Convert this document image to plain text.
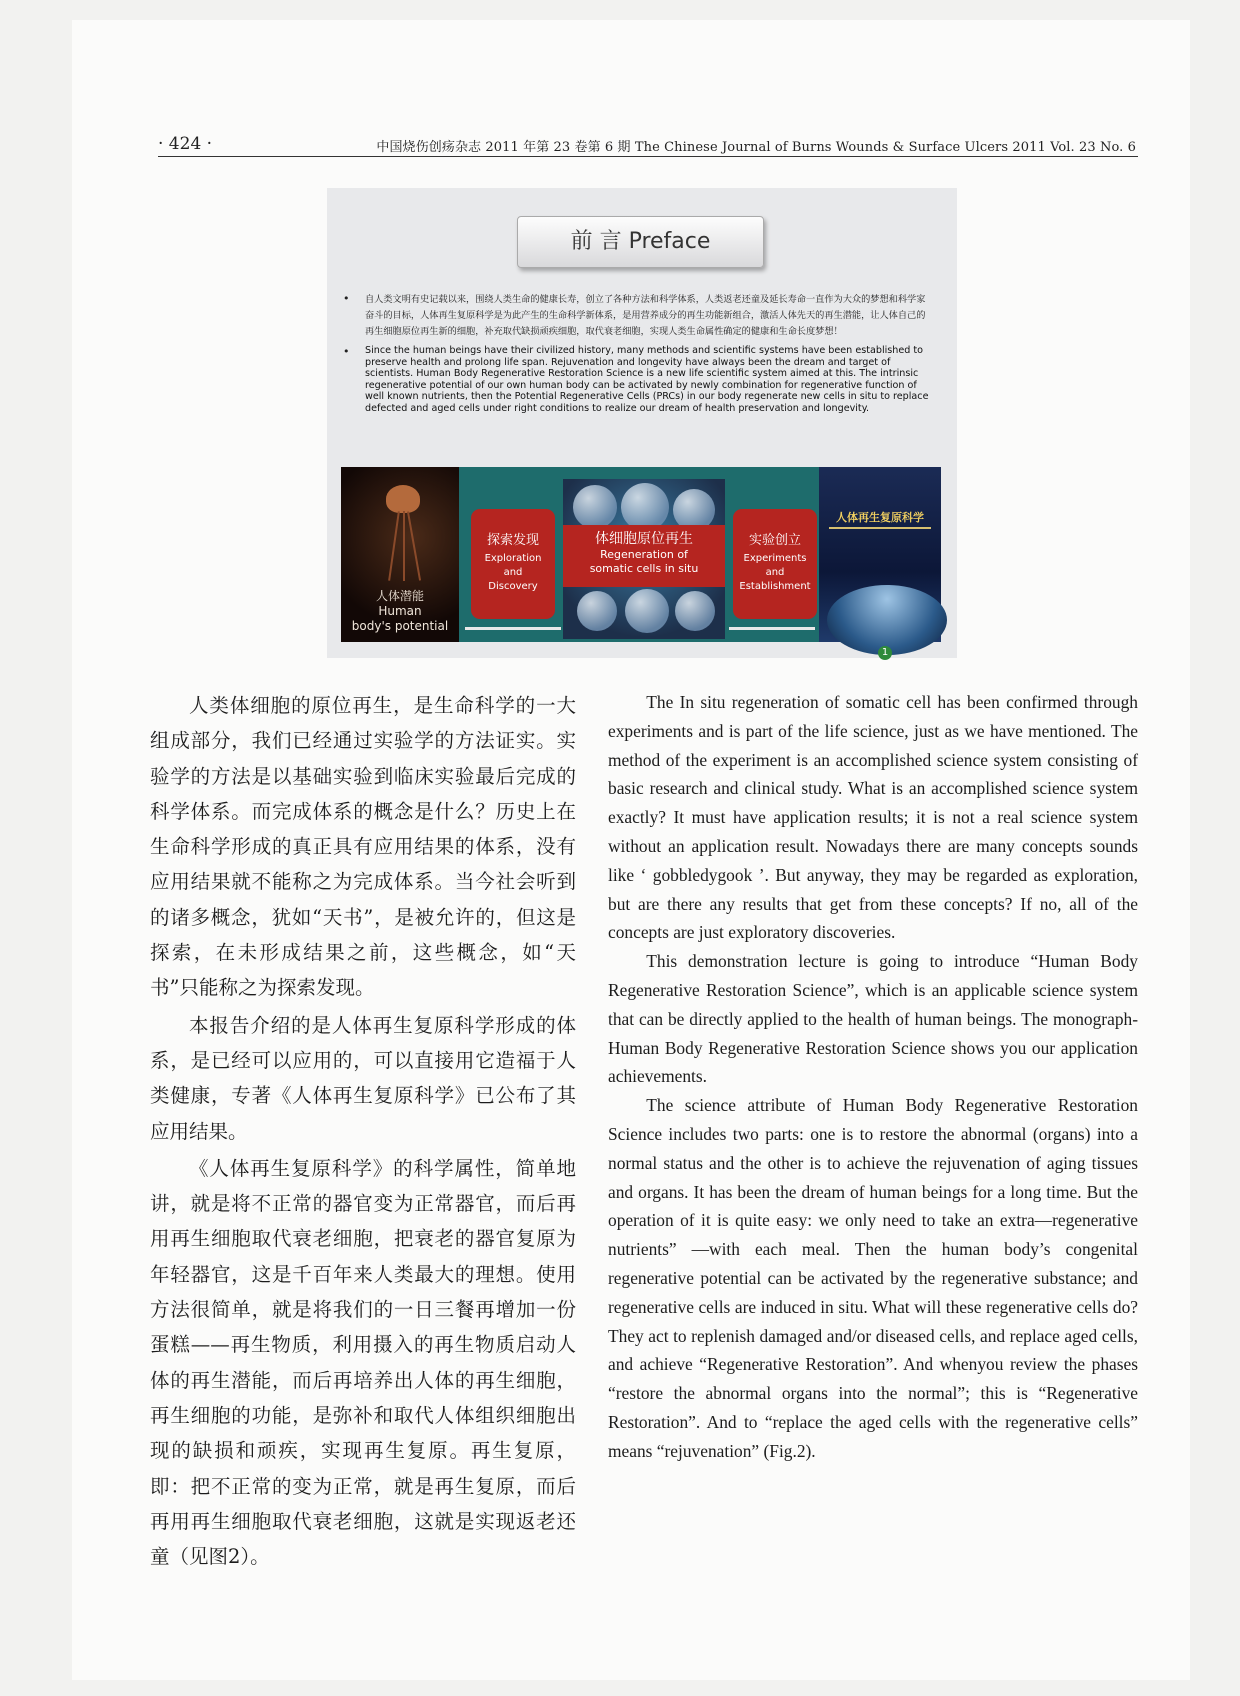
· 424 ·	中国烧伤创疡杂志 2011 年第 23 卷第 6 期 The Chinese Journal of Burns Wounds & Surface Ulcers 2011 Vol. 23 No. 6
前 言 Preface
• 自人类文明有史记载以来，围绕人类生命的健康长寿，创立了各种方法和科学体系，人类返老还童及延长寿命一直作为大众的梦想和科学家奋斗的目标，人体再生复原科学是为此产生的生命科学新体系，是用营养成分的再生功能新组合，激活人体先天的再生潜能，让人体自己的再生细胞原位再生新的细胞，补充取代缺损顽疾细胞，取代衰老细胞，实现人类生命属性确定的健康和生命长度梦想！
• Since the human beings have their civilized history, many methods and scientific systems have been established to preserve health and prolong life span. Rejuvenation and longevity have always been the dream and target of scientists. Human Body Regenerative Restoration Science is a new life scientific system aimed at this. The intrinsic regenerative potential of our own human body can be activated by newly combination for regenerative function of well known nutrients, then the Potential Regenerative Cells (PRCs) in our body regenerate new cells in situ to replace defected and aged cells under right conditions to realize our dream of health preservation and longevity.
人体潜能
Human
body's potential
探索发现
Exploration
and
Discovery
体细胞原位再生
Regeneration of
somatic cells in situ
实验创立
Experiments
and
Establishment
人体再生复原科学
1

人类体细胞的原位再生，是生命科学的一大组成部分，我们已经通过实验学的方法证实。实验学的方法是以基础实验到临床实验最后完成的科学体系。而完成体系的概念是什么？历史上在生命科学形成的真正具有应用结果的体系，没有应用结果就不能称之为完成体系。当今社会听到的诸多概念，犹如“天书”，是被允许的，但这是探索，在未形成结果之前，这些概念，如“天书”只能称之为探索发现。

本报告介绍的是人体再生复原科学形成的体系，是已经可以应用的，可以直接用它造福于人类健康，专著《人体再生复原科学》已公布了其应用结果。

《人体再生复原科学》的科学属性，简单地讲，就是将不正常的器官变为正常器官，而后再用再生细胞取代衰老细胞，把衰老的器官复原为年轻器官，这是千百年来人类最大的理想。使用方法很简单，就是将我们的一日三餐再增加一份蛋糕——再生物质，利用摄入的再生物质启动人体的再生潜能，而后再培养出人体的再生细胞，再生细胞的功能，是弥补和取代人体组织细胞出现的缺损和顽疾，实现再生复原。再生复原，即：把不正常的变为正常，就是再生复原，而后再用再生细胞取代衰老细胞，这就是实现返老还童（见图2）。

The In situ regeneration of somatic cell has been confirmed through experiments and is part of the life science, just as we have mentioned. The method of the experiment is an accomplished science system consisting of basic research and clinical study. What is an accomplished science system exactly? It must have application results; it is not a real science system without an application result. Nowadays there are many concepts sounds like ‘ gobbledygook ’. But anyway, they may be regarded as exploration, but are there any results that get from these concepts? If no, all of the concepts are just exploratory discoveries.

This demonstration lecture is going to introduce “Human Body Regenerative Restoration Science”, which is an applicable science system that can be directly applied to the health of human beings. The monograph-Human Body Regenerative Restoration Science shows you our application achievements.

The science attribute of Human Body Regenerative Restoration Science includes two parts: one is to restore the abnormal (organs) into a normal status and the other is to achieve the rejuvenation of aging tissues and organs. It has been the dream of human beings for a long time. But the operation of it is quite easy: we only need to take an extra—regenerative nutrients” —with each meal. Then the human body’s congenital regenerative potential can be activated by the regenerative substance; and regenerative cells are induced in situ. What will these regenerative cells do? They act to replenish damaged and/or diseased cells, and replace aged cells, and achieve “Regenerative Restoration”. And whenyou review the phases “restore the abnormal organs into the normal”; this is “Regenerative Restoration”. And to “replace the aged cells with the regenerative cells” means “rejuvenation” (Fig.2).
